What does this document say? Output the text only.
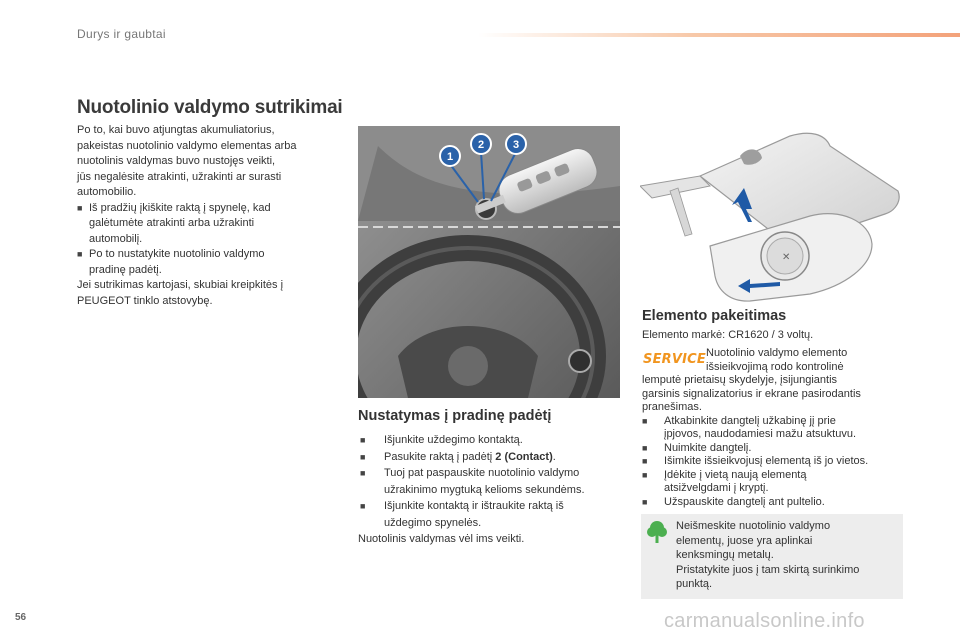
Durys ir gaubtai
Nuotolinio valdymo sutrikimai
Po to, kai buvo atjungtas akumuliatorius,
pakeistas nuotolinio valdymo elementas arba
nuotolinis valdymas buvo nustojęs veikti,
jūs negalėsite atrakinti, užrakinti ar surasti
automobilio.
■ Iš pradžių įkiškite raktą į spynelę, kad
galėtumėte atrakinti arba užrakinti
automobilį.
■ Po to nustatykite nuotolinio valdymo
pradinę padėtį.
Jei sutrikimas kartojasi, skubiai kreipkitės į
PEUGEOT tinklo atstovybę.
1
2	3
Nustatymas į pradinę padėtį
■	Išjunkite uždegimo kontaktą.
■	Pasukite raktą į padėtį 2 (Contact).
■	Tuoj pat paspauskite nuotolinio valdymo
užrakinimo mygtuką kelioms sekundėms.
■	Išjunkite kontaktą ir ištraukite raktą iš
uždegimo spynelės.
Nuotolinis valdymas vėl ims veikti.
✕
Elemento pakeitimas
Elemento markė: CR1620 / 3 voltų.
SERVICE Nuotolinio valdymo elemento
išsieikvojimą rodo kontrolinė
lemputė prietaisų skydelyje, įsijungiantis
garsinis signalizatorius ir ekrane pasirodantis
pranešimas.
■	Atkabinkite dangtelį užkabinę jį prie
įpjovos, naudodamiesi mažu atsuktuvu.
■	Nuimkite dangtelį.
■	Išimkite išsieikvojusį elementą iš jo vietos.
■	Įdėkite į vietą naują elementą
atsižvelgdami į kryptį.
■	Užspauskite dangtelį ant pultelio.
Neišmeskite nuotolinio valdymo
elementų, juose yra aplinkai
kenksmingų metalų.
Pristatykite juos į tam skirtą surinkimo
punktą.
56	carmanualsonline.info
